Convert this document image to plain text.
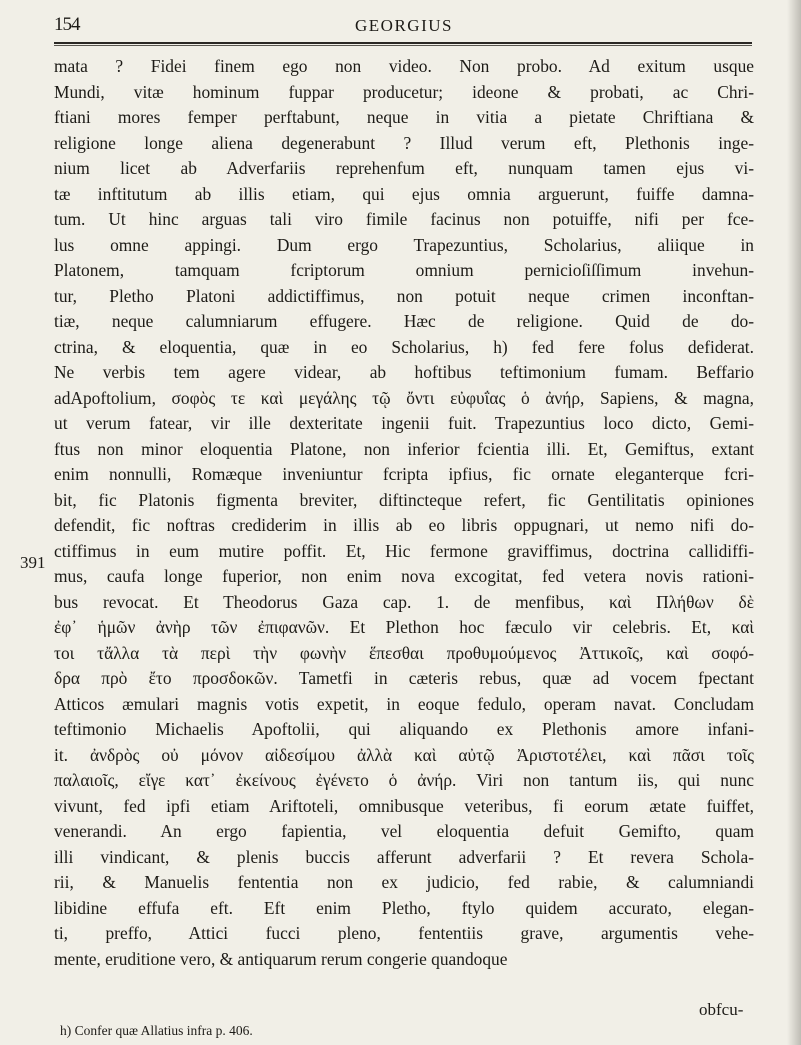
154	GEORGIUS
391
mata ? Fidei finem ego non video. Non probo. Ad exitum usque
Mundi, vitæ hominum fuppar producetur; ideone & probati, ac Chri-
ftiani mores femper perftabunt, neque in vitia a pietate Chriftiana &
religione longe aliena degenerabunt ? Illud verum eft, Plethonis inge-
nium licet ab Adverfariis reprehenfum eft, nunquam tamen ejus vi-
tæ inftitutum ab illis etiam, qui ejus omnia arguerunt, fuiffe damna-
tum. Ut hinc arguas tali viro fimile facinus non potuiffe, nifi per fce-
lus omne appingi. Dum ergo Trapezuntius, Scholarius, aliique in
Platonem, tamquam fcriptorum omnium pernicioſiſſimum invehun-
tur, Pletho Platoni addictiffimus, non potuit neque crimen inconftan-
tiæ, neque calumniarum effugere. Hæc de religione. Quid de do-
ctrina, & eloquentia, quæ in eo Scholarius, h) fed fere folus defiderat.
Ne verbis tem agere videar, ab hoftibus teftimonium fumam. Beffario
adApoftolium, σοφὸς τε καὶ μεγάλης τῷ ὄντι εὐφυΐας ὁ ἀνήρ, Sapiens, & magna,
ut verum fatear, vir ille dexteritate ingenii fuit. Trapezuntius loco dicto, Gemi-
ftus non minor eloquentia Platone, non inferior fcientia illi. Et, Gemiftus, extant
enim nonnulli, Romæque inveniuntur fcripta ipfius, fic ornate eleganterque fcri-
bit, fic Platonis figmenta breviter, diftincteque refert, fic Gentilitatis opiniones
defendit, fic noftras crediderim in illis ab eo libris oppugnari, ut nemo nifi do-
ctiffimus in eum mutire poffit. Et, Hic fermone graviffimus, doctrina callidiffi-
mus, caufa longe fuperior, non enim nova excogitat, fed vetera novis rationi-
bus revocat. Et Theodorus Gaza cap. 1. de menfibus, καὶ Πλήθων δὲ
ἐφ᾽ ἡμῶν ἀνὴρ τῶν ἐπιφανῶν. Et Plethon hoc fæculo vir celebris. Et, καὶ
τοι τἄλλα τὰ περὶ τὴν φωνὴν ἕπεσθαι προθυμούμενος Ἀττικοῖς, καὶ σοφό-
δρα πρὸ ἔτο προσδοκῶν. Tametfi in cæteris rebus, quæ ad vocem fpectant
Atticos æmulari magnis votis expetit, in eoque fedulo, operam navat. Concludam
teftimonio Michaelis Apoftolii, qui aliquando ex Plethonis amore infani-
it. ἀνδρὸς οὐ μόνον αἰδεσίμου ἀλλὰ καὶ αὐτῷ Ἀριστοτέλει, καὶ πᾶσι τοῖς
παλαιοῖς, εἴγε κατ᾽ ἐκείνους ἐγένετο ὁ ἀνήρ. Viri non tantum iis, qui nunc
vivunt, fed ipfi etiam Ariftoteli, omnibusque veteribus, fi eorum ætate fuiffet,
venerandi. An ergo fapientia, vel eloquentia defuit Gemifto, quam
illi vindicant, & plenis buccis afferunt adverfarii ? Et revera Schola-
rii, & Manuelis fententia non ex judicio, fed rabie, & calumniandi
libidine effufa eft. Eft enim Pletho, ftylo quidem accurato, elegan-
ti, preffo, Attici fucci pleno, fententiis grave, argumentis vehe-
mente, eruditione vero, & antiquarum rerum congerie quandoque
obfcu-
h) Confer quæ Allatius infra p. 406.
